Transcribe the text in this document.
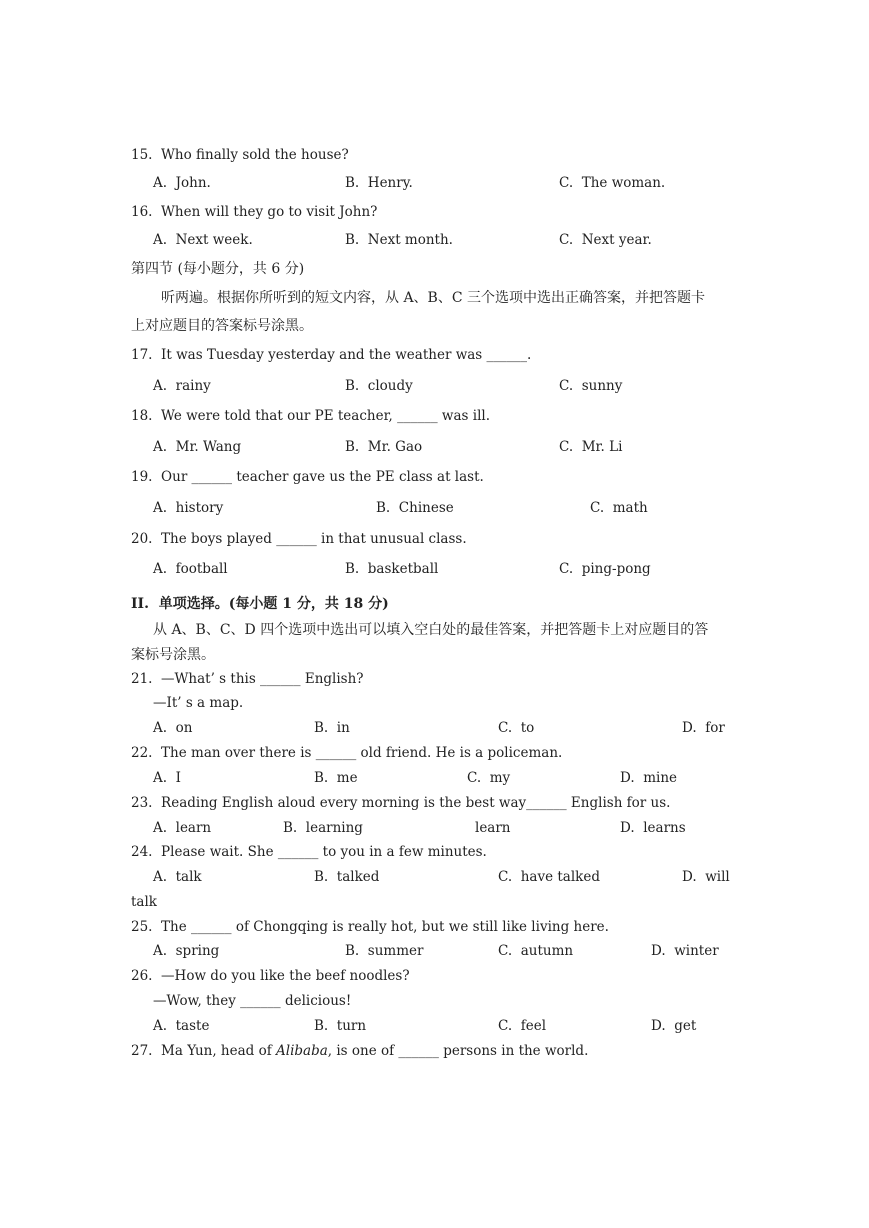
15.  Who finally sold the house?
16.  When will they go to visit John?
第四节 (每小题分，共 6 分)
听两遍。根据你所听到的短文内容，从 A、B、C 三个选项中选出正确答案，并把答题卡
上对应题目的答案标号涂黑。
17.  It was Tuesday yesterday and the weather was ______.
18.  We were told that our PE teacher, ______ was ill.
19.  Our ______ teacher gave us the PE class at last.
20.  The boys played ______ in that unusual class.
II.  单项选择。(每小题 1 分，共 18 分)
从 A、B、C、D 四个选项中选出可以填入空白处的最佳答案，并把答题卡上对应题目的答
案标号涂黑。
21.  —What’ s this ______ English?
—It’ s a map.
22.  The man over there is ______ old friend. He is a policeman.
23.  Reading English aloud every morning is the best way______ English for us.
24.  Please wait. She ______ to you in a few minutes.
talk
25.  The ______ of Chongqing is really hot, but we still like living here.
26.  —How do you like the beef noodles?
—Wow, they ______ delicious!
A.  John.	B.  Henry.	C.  The woman.
A.  Next week.	B.  Next month.	C.  Next year.
A.  rainy	B.  cloudy	C.  sunny
A.  Mr. Wang	B.  Mr. Gao	C.  Mr. Li
A.  history	B.  Chinese	C.  math
A.  football	B.  basketball	C.  ping-pong
A.  on	B.  in	C.  to	D.  for
A.  I	B.  me	C.  my	D.  mine
A.  learn	B.  learning	learn	D.  learns
A.  talk	B.  talked	C.  have talked	D.  will
A.  spring	B.  summer	C.  autumn	D.  winter
A.  taste	B.  turn	C.  feel	D.  get
27.  Ma Yun, head of Alibaba, is one of ______ persons in the world.
